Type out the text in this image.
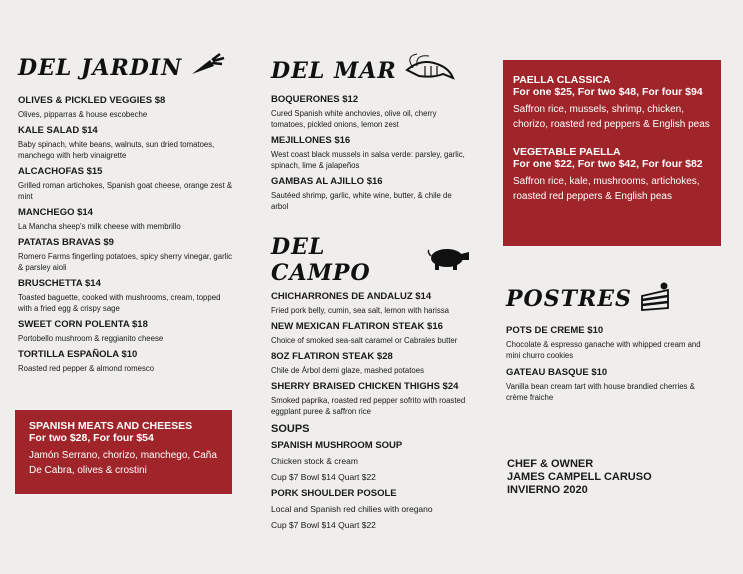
DEL JARDIN
OLIVES & PICKLED VEGGIES $8
Olives, pipparras & house escobeche
KALE SALAD $14
Baby spinach, white beans, walnuts, sun dried tomatoes, manchego with herb vinaigrette
ALCACHOFAS $15
Grilled roman artichokes, Spanish goat cheese, orange zest & mint
MANCHEGO $14
La Mancha sheep's milk cheese with membrillo
PATATAS BRAVAS $9
Romero Farms fingerling potatoes, spicy sherry vinegar, garlic & parsley aioli
BRUSCHETTA $14
Toasted baguette, cooked with mushrooms, cream, topped with a fried egg & crispy sage
SWEET CORN POLENTA $18
Portobello mushroom & reggianito cheese
TORTILLA ESPAÑOLA $10
Roasted red pepper & almond romesco
SPANISH MEATS AND CHEESES
For two $28, For four $54
Jamón Serrano, chorizo, manchego, Caña De Cabra, olives & crostini
DEL MAR
BOQUERONES $12
Cured Spanish white anchovies, olive oil, cherry tomatoes, pickled onions, lemon zest
MEJILLONES $16
West coast black mussels in salsa verde: parsley, garlic, spinach, lime & jalapeños
GAMBAS AL AJILLO $16
Sautéed shrimp, garlic, white wine, butter, & chile de arbol
DEL CAMPO
CHICHARRONES DE ANDALUZ $14
Fried pork belly, cumin, sea salt, lemon with harissa
NEW MEXICAN FLATIRON STEAK $16
Choice of smoked sea-salt caramel or Cabrales butter
8OZ FLATIRON STEAK $28
Chile de Árbol demi glaze, mashed potatoes
SHERRY BRAISED CHICKEN THIGHS $24
Smoked paprika, roasted red pepper sofrito with roasted eggplant puree & saffron rice
SOUPS
SPANISH MUSHROOM SOUP
Chicken stock & cream
Cup $7 Bowl $14 Quart $22
PORK SHOULDER POSOLE
Local and Spanish red chilies with oregano
Cup $7 Bowl $14 Quart $22
PAELLA CLASSICA
For one $25, For two $48, For four $94
Saffron rice, mussels, shrimp, chicken, chorizo, roasted red peppers & English peas
VEGETABLE PAELLA
For one $22, For two $42, For four $82
Saffron rice, kale, mushrooms, artichokes, roasted red peppers & English peas
POSTRES
POTS DE CREME $10
Chocolate & espresso ganache with whipped cream and mini churro cookies
GATEAU BASQUE $10
Vanilla bean cream tart with house brandied cherries & crème fraiche
CHEF & OWNER
JAMES CAMPELL CARUSO
INVIERNO 2020
